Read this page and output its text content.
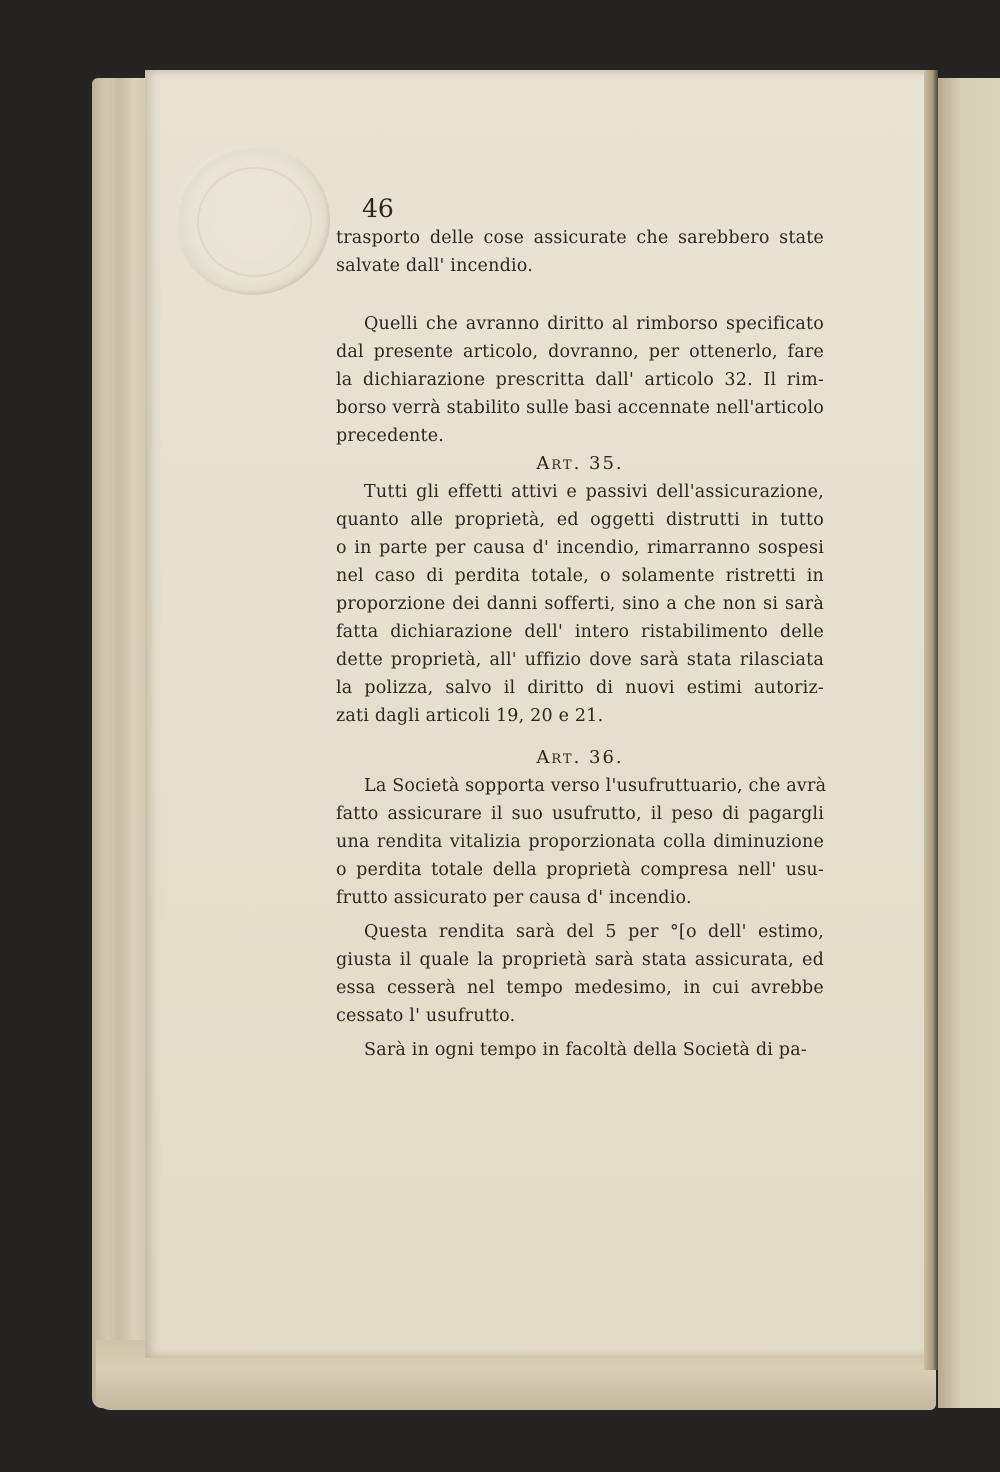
46

trasporto delle cose assicurate che sarebbero state
salvate dall' incendio.
Quelli che avranno diritto al rimborso specificato
dal presente articolo, dovranno, per ottenerlo, fare
la dichiarazione prescritta dall' articolo 32. Il rim-
borso verrà stabilito sulle basi accennate nell'articolo
precedente.

Art. 35.

Tutti gli effetti attivi e passivi dell'assicurazione,
quanto alle proprietà, ed oggetti distrutti in tutto
o in parte per causa d' incendio, rimarranno sospesi
nel caso di perdita totale, o solamente ristretti in
proporzione dei danni sofferti, sino a che non si sarà
fatta dichiarazione dell' intero ristabilimento delle
dette proprietà, all' uffizio dove sarà stata rilasciata
la polizza, salvo il diritto di nuovi estimi autoriz-
zati dagli articoli 19, 20 e 21.

Art. 36.

La Società sopporta verso l'usufruttuario, che avrà
fatto assicurare il suo usufrutto, il peso di pagargli
una rendita vitalizia proporzionata colla diminuzione
o perdita totale della proprietà compresa nell' usu-
frutto assicurato per causa d' incendio.
Questa rendita sarà del 5 per °[o dell' estimo,
giusta il quale la proprietà sarà stata assicurata, ed
essa cesserà nel tempo medesimo, in cui avrebbe
cessato l' usufrutto.
Sarà in ogni tempo in facoltà della Società di pa-
